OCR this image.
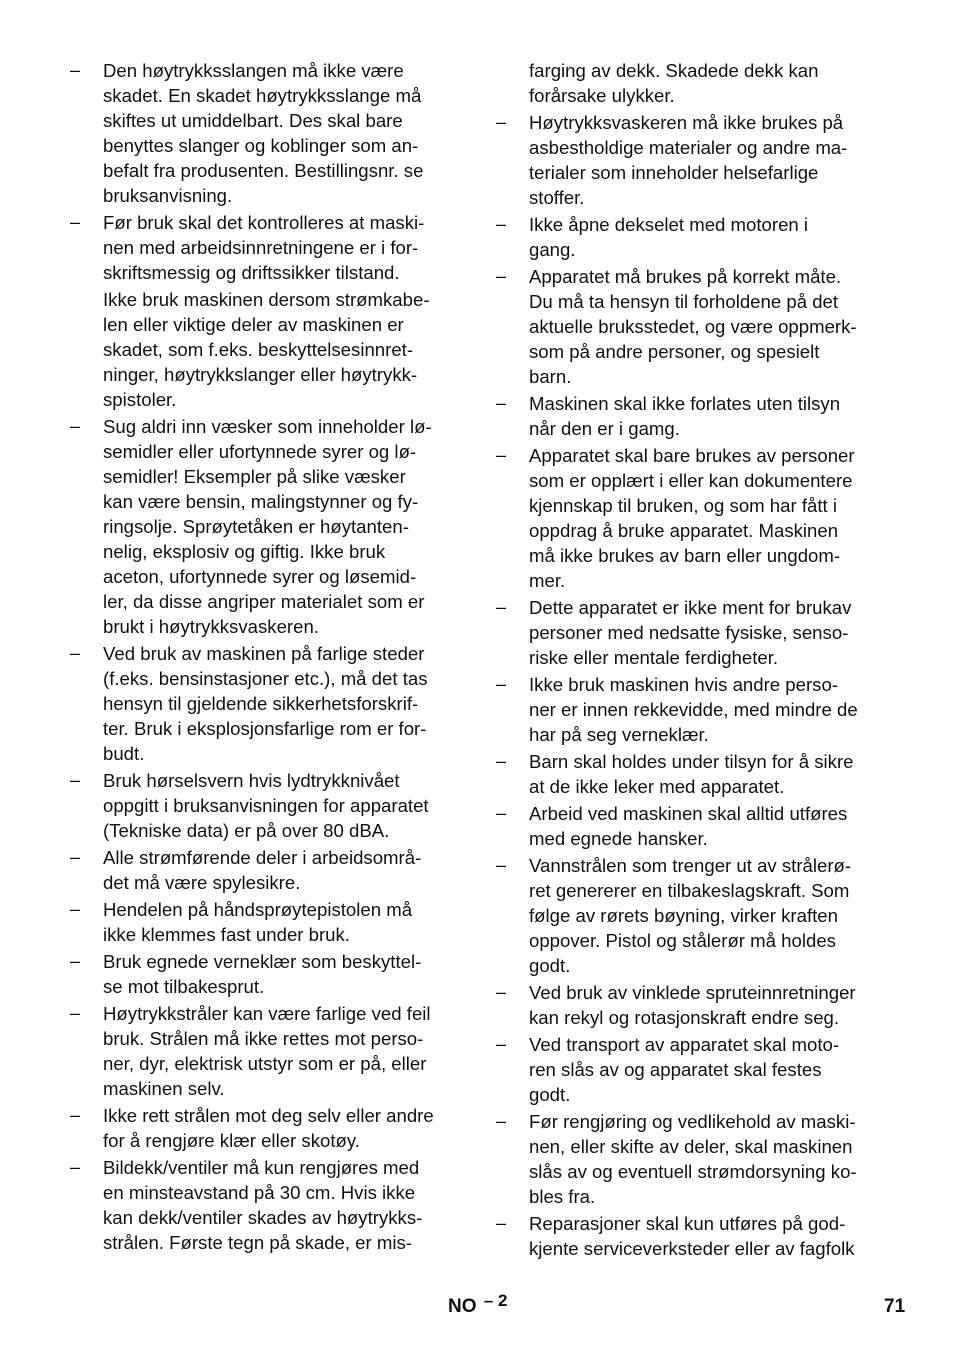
–	Den høytrykksslangen må ikke være
skadet. En skadet høytrykksslange må
skiftes ut umiddelbart. Des skal bare
benyttes slanger og koblinger som an-
befalt fra produsenten. Bestillingsnr. se
bruksanvisning.
–	Før bruk skal det kontrolleres at maski-
nen med arbeidsinnretningene er i for-
skriftsmessig og driftssikker tilstand.
Ikke bruk maskinen dersom strømkabe-
len eller viktige deler av maskinen er
skadet, som f.eks. beskyttelsesinnret-
ninger, høytrykkslanger eller høytrykk-
spistoler.
–	Sug aldri inn væsker som inneholder lø-
semidler eller ufortynnede syrer og lø-
semidler! Eksempler på slike væsker
kan være bensin, malingstynner og fy-
ringsolje. Sprøytetåken er høytanten-
nelig, eksplosiv og giftig. Ikke bruk
aceton, ufortynnede syrer og løsemid-
ler, da disse angriper materialet som er
brukt i høytrykksvaskeren.
–	Ved bruk av maskinen på farlige steder
(f.eks. bensinstasjoner etc.), må det tas
hensyn til gjeldende sikkerhetsforskrif-
ter. Bruk i eksplosjonsfarlige rom er for-
budt.
–	Bruk hørselsvern hvis lydtrykknivået
oppgitt i bruksanvisningen for apparatet
(Tekniske data) er på over 80 dBA.
–	Alle strømførende deler i arbeidsområ-
det må være spylesikre.
–	Hendelen på håndsprøytepistolen må
ikke klemmes fast under bruk.
–	Bruk egnede verneklær som beskyttel-
se mot tilbakesprut.
–	Høytrykkstråler kan være farlige ved feil
bruk. Strålen må ikke rettes mot perso-
ner, dyr, elektrisk utstyr som er på, eller
maskinen selv.
–	Ikke rett strålen mot deg selv eller andre
for å rengjøre klær eller skotøy.
–	Bildekk/ventiler må kun rengjøres med
en minsteavstand på 30 cm. Hvis ikke
kan dekk/ventiler skades av høytrykks-
strålen. Første tegn på skade, er mis-
farging av dekk. Skadede dekk kan
forårsake ulykker.
–	Høytrykksvaskeren må ikke brukes på
asbestholdige materialer og andre ma-
terialer som inneholder helsefarlige
stoffer.
–	Ikke åpne dekselet med motoren i
gang.
–	Apparatet må brukes på korrekt måte.
Du må ta hensyn til forholdene på det
aktuelle bruksstedet, og være oppmerk-
som på andre personer, og spesielt
barn.
–	Maskinen skal ikke forlates uten tilsyn
når den er i gamg.
–	Apparatet skal bare brukes av personer
som er opplært i eller kan dokumentere
kjennskap til bruken, og som har fått i
oppdrag å bruke apparatet. Maskinen
må ikke brukes av barn eller ungdom-
mer.
–	Dette apparatet er ikke ment for brukav
personer med nedsatte fysiske, senso-
riske eller mentale ferdigheter.
–	Ikke bruk maskinen hvis andre perso-
ner er innen rekkevidde, med mindre de
har på seg verneklær.
–	Barn skal holdes under tilsyn for å sikre
at de ikke leker med apparatet.
–	Arbeid ved maskinen skal alltid utføres
med egnede hansker.
–	Vannstrålen som trenger ut av strålerø-
ret genererer en tilbakeslagskraft. Som
følge av rørets bøyning, virker kraften
oppover. Pistol og stålerør må holdes
godt.
–	Ved bruk av vinklede spruteinnretninger
kan rekyl og rotasjonskraft endre seg.
–	Ved transport av apparatet skal moto-
ren slås av og apparatet skal festes
godt.
–	Før rengjøring og vedlikehold av maski-
nen, eller skifte av deler, skal maskinen
slås av og eventuell strømdorsyning ko-
bles fra.
–	Reparasjoner skal kun utføres på god-
kjente serviceverksteder eller av fagfolk
NO – 2	71
